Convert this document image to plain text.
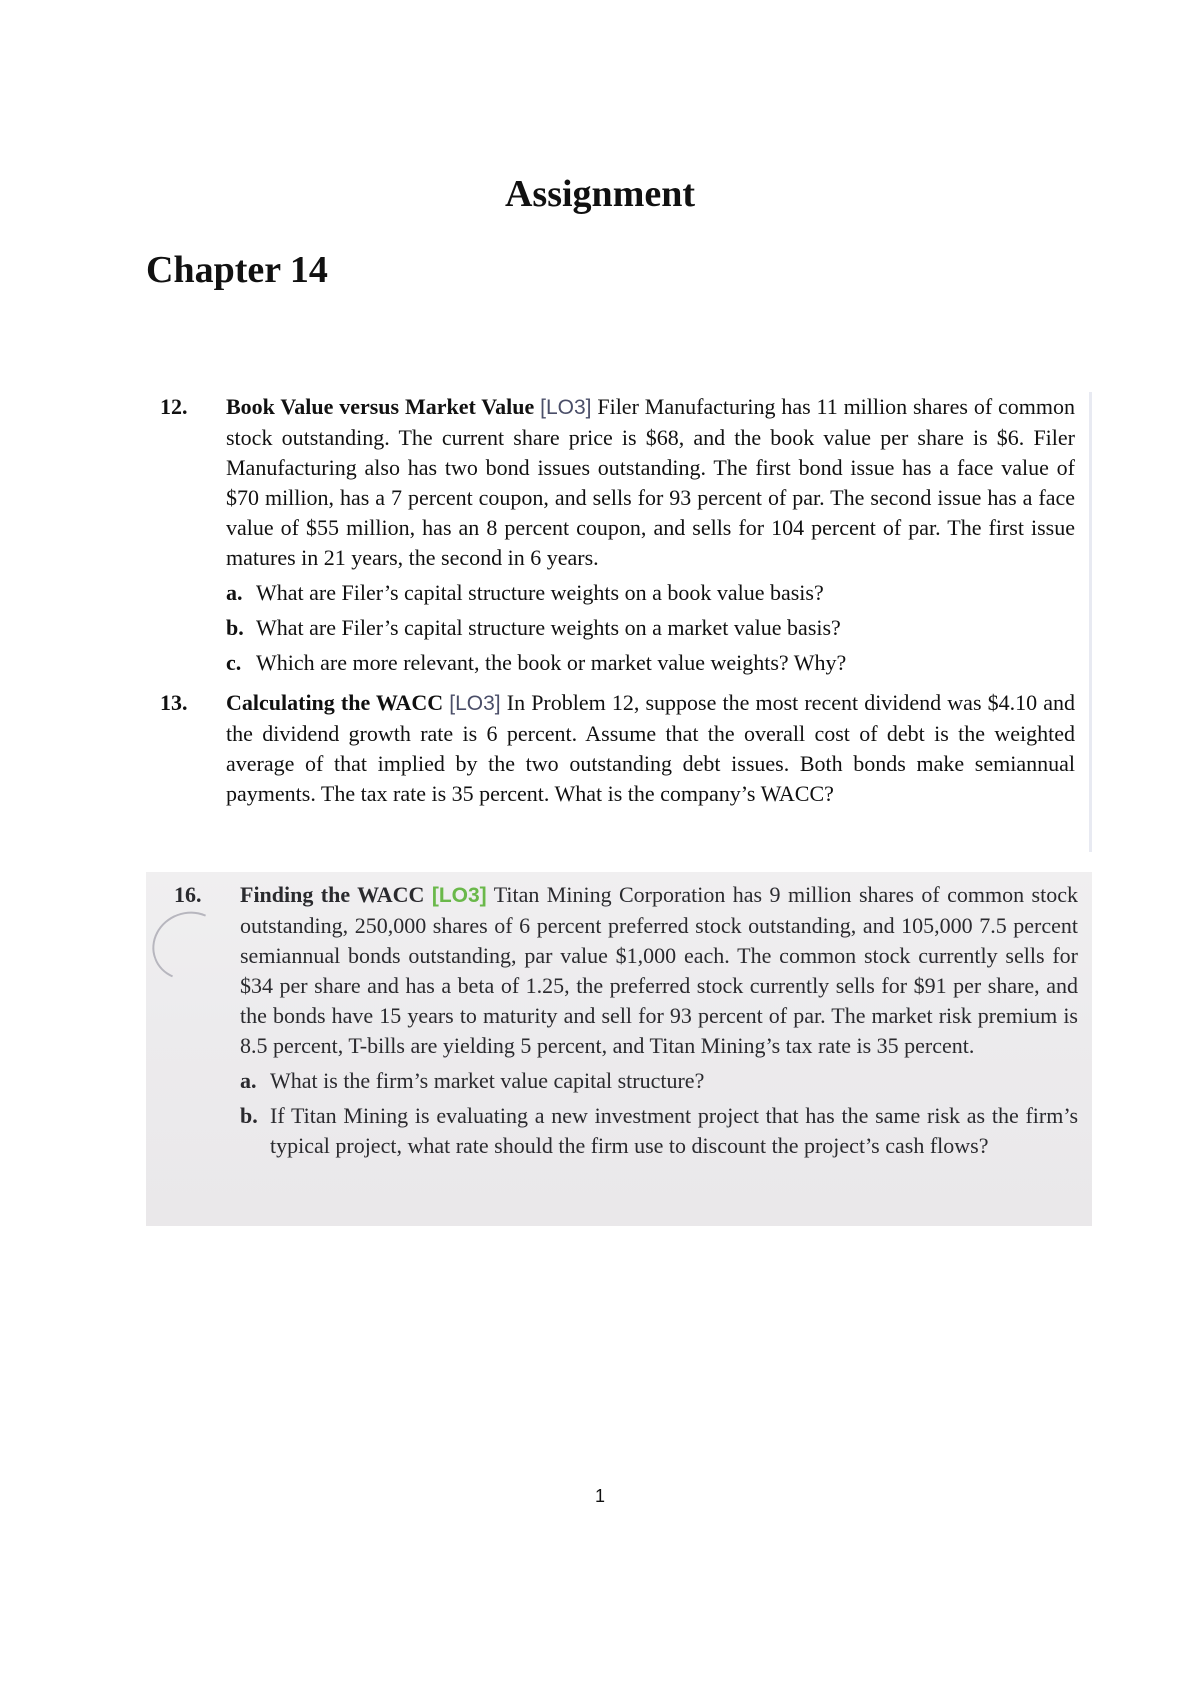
Assignment
Chapter 14
12.	Book Value versus Market Value [LO3] Filer Manufacturing has 11 million shares of common stock outstanding. The current share price is $68, and the book value per share is $6. Filer Manufacturing also has two bond issues outstanding. The first bond issue has a face value of $70 million, has a 7 percent coupon, and sells for 93 percent of par. The second issue has a face value of $55 million, has an 8 percent coupon, and sells for 104 percent of par. The first issue matures in 21 years, the second in 6 years.
a. What are Filer’s capital structure weights on a book value basis?
b. What are Filer’s capital structure weights on a market value basis?
c. Which are more relevant, the book or market value weights? Why?
13.	Calculating the WACC [LO3] In Problem 12, suppose the most recent dividend was $4.10 and the dividend growth rate is 6 percent. Assume that the overall cost of debt is the weighted average of that implied by the two outstanding debt issues. Both bonds make semiannual payments. The tax rate is 35 percent. What is the company’s WACC?
16.	Finding the WACC [LO3] Titan Mining Corporation has 9 million shares of common stock outstanding, 250,000 shares of 6 percent preferred stock outstanding, and 105,000 7.5 percent semiannual bonds outstanding, par value $1,000 each. The common stock currently sells for $34 per share and has a beta of 1.25, the preferred stock currently sells for $91 per share, and the bonds have 15 years to maturity and sell for 93 percent of par. The market risk premium is 8.5 percent, T-bills are yielding 5 percent, and Titan Mining’s tax rate is 35 percent.
a. What is the firm’s market value capital structure?
b. If Titan Mining is evaluating a new investment project that has the same risk as the firm’s typical project, what rate should the firm use to discount the project’s cash flows?
1
